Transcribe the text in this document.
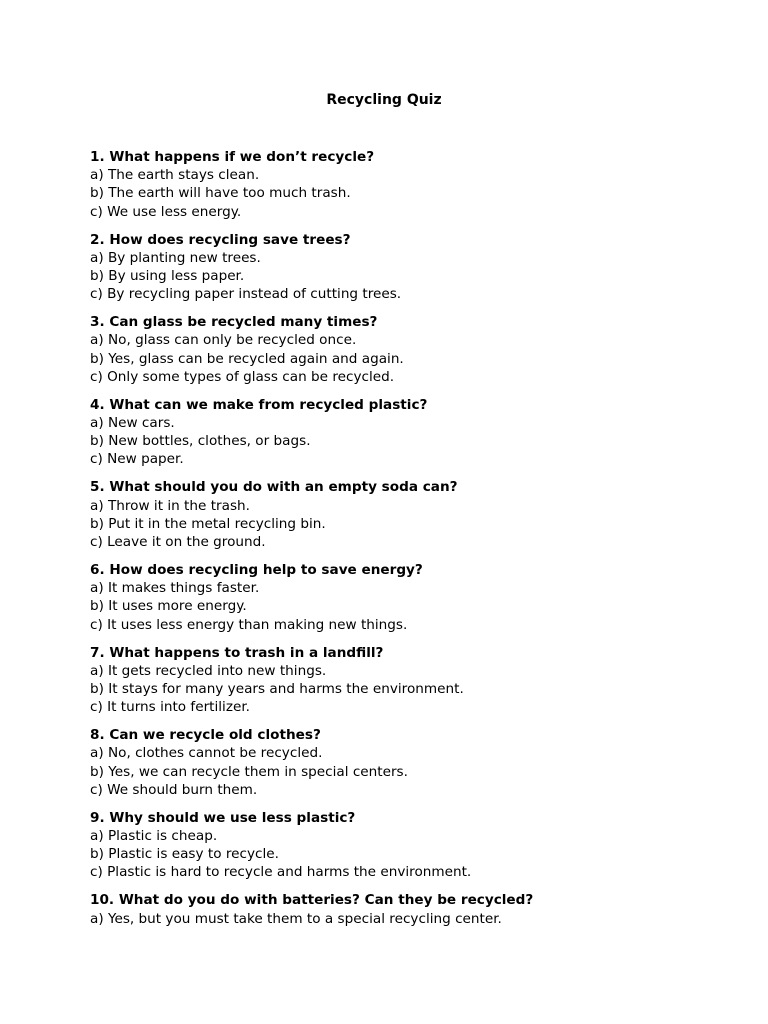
Recycling Quiz
1. What happens if we don’t recycle?
a) The earth stays clean.
b) The earth will have too much trash.
c) We use less energy.
2. How does recycling save trees?
a) By planting new trees.
b) By using less paper.
c) By recycling paper instead of cutting trees.
3. Can glass be recycled many times?
a) No, glass can only be recycled once.
b) Yes, glass can be recycled again and again.
c) Only some types of glass can be recycled.
4. What can we make from recycled plastic?
a) New cars.
b) New bottles, clothes, or bags.
c) New paper.
5. What should you do with an empty soda can?
a) Throw it in the trash.
b) Put it in the metal recycling bin.
c) Leave it on the ground.
6. How does recycling help to save energy?
a) It makes things faster.
b) It uses more energy.
c) It uses less energy than making new things.
7. What happens to trash in a landfill?
a) It gets recycled into new things.
b) It stays for many years and harms the environment.
c) It turns into fertilizer.
8. Can we recycle old clothes?
a) No, clothes cannot be recycled.
b) Yes, we can recycle them in special centers.
c) We should burn them.
9. Why should we use less plastic?
a) Plastic is cheap.
b) Plastic is easy to recycle.
c) Plastic is hard to recycle and harms the environment.
10. What do you do with batteries? Can they be recycled?
a) Yes, but you must take them to a special recycling center.
